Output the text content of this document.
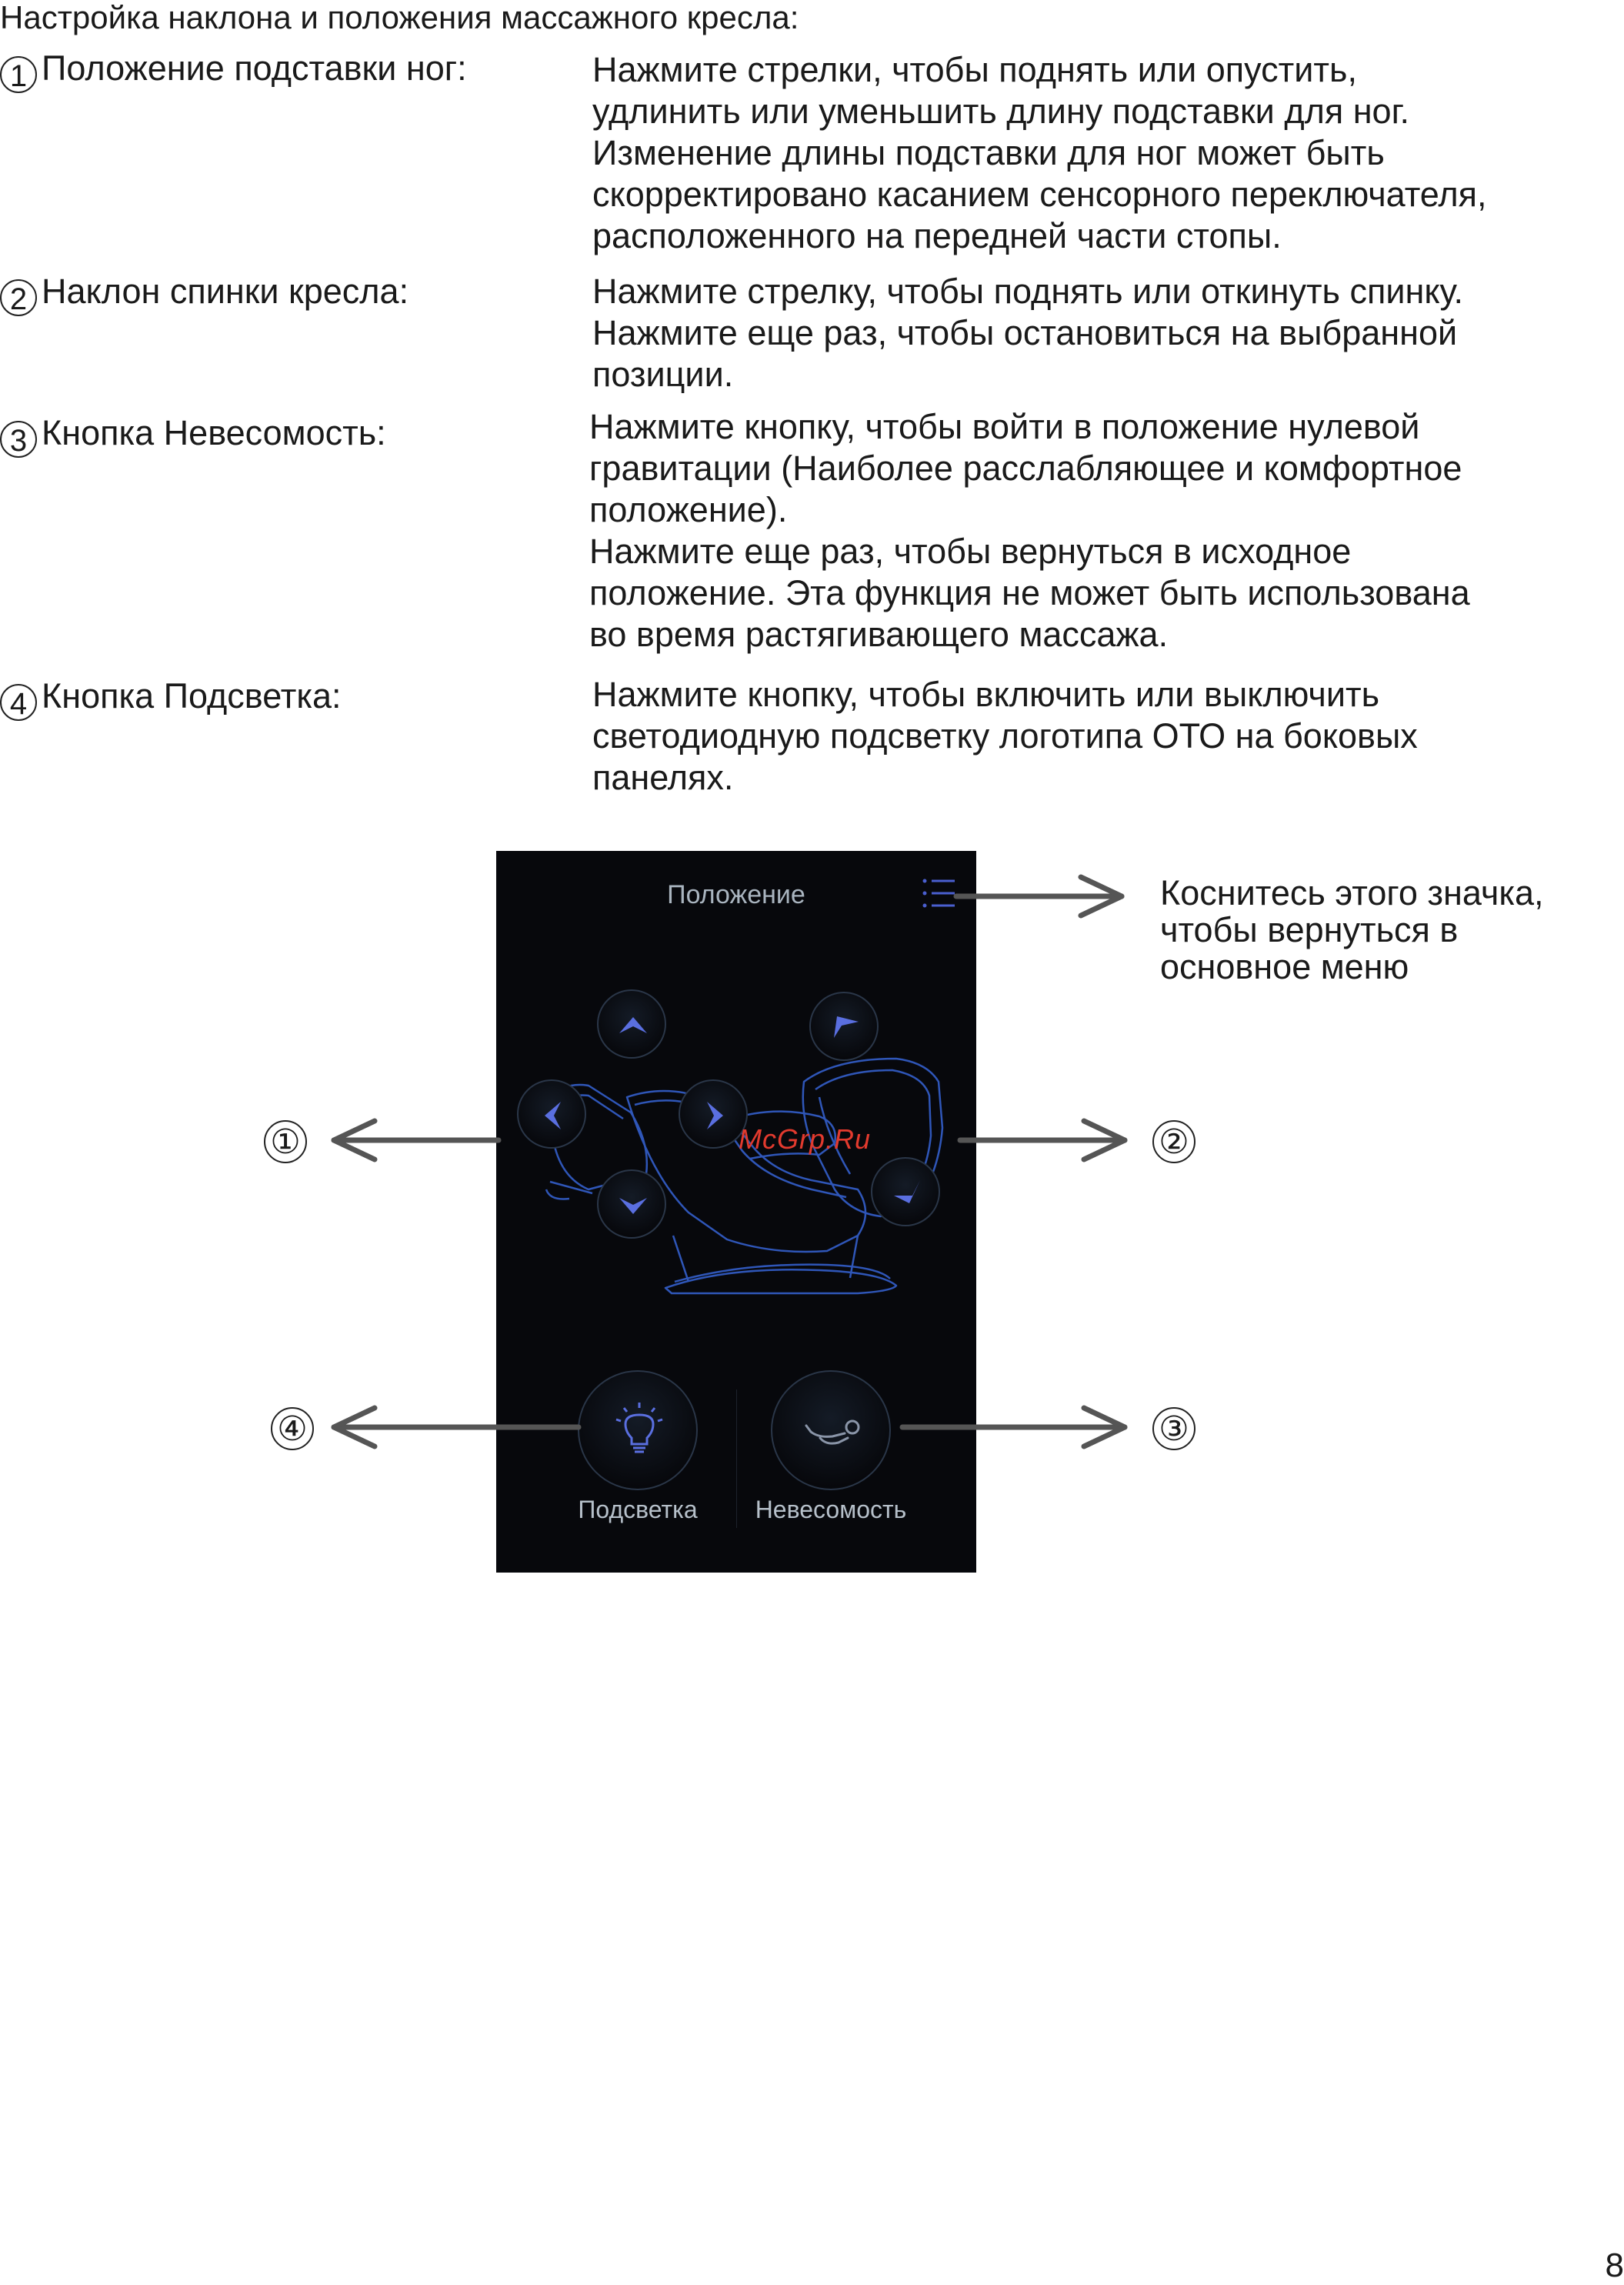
Настройка наклона и положения массажного кресла:
1 Положение подставки ног:	Нажмите стрелки, чтобы поднять или опустить,
удлинить или уменьшить длину подставки для ног.
Изменение длины подставки для ног может быть
скорректировано касанием сенсорного переключателя,
расположенного на передней части стопы.
2 Наклон спинки кресла:	Нажмите стрелку, чтобы поднять или откинуть спинку.
Нажмите еще раз, чтобы остановиться на выбранной
позиции.
3 Кнопка Невесомость:	Нажмите кнопку, чтобы войти в положение нулевой
гравитации (Наиболее расслабляющее и комфортное
положение).
Нажмите еще раз, чтобы вернуться в исходное
положение. Эта функция не может быть использована
во время растягивающего массажа.
4 Кнопка Подсветка:	Нажмите кнопку, чтобы включить или выключить
светодиодную подсветку логотипа ОТО на боковых
панелях.
Положение
Подсветка	Невесомость
①	②
③
④
Коснитесь этого значка,
чтобы вернуться в
основное меню
McGrp.Ru
8
